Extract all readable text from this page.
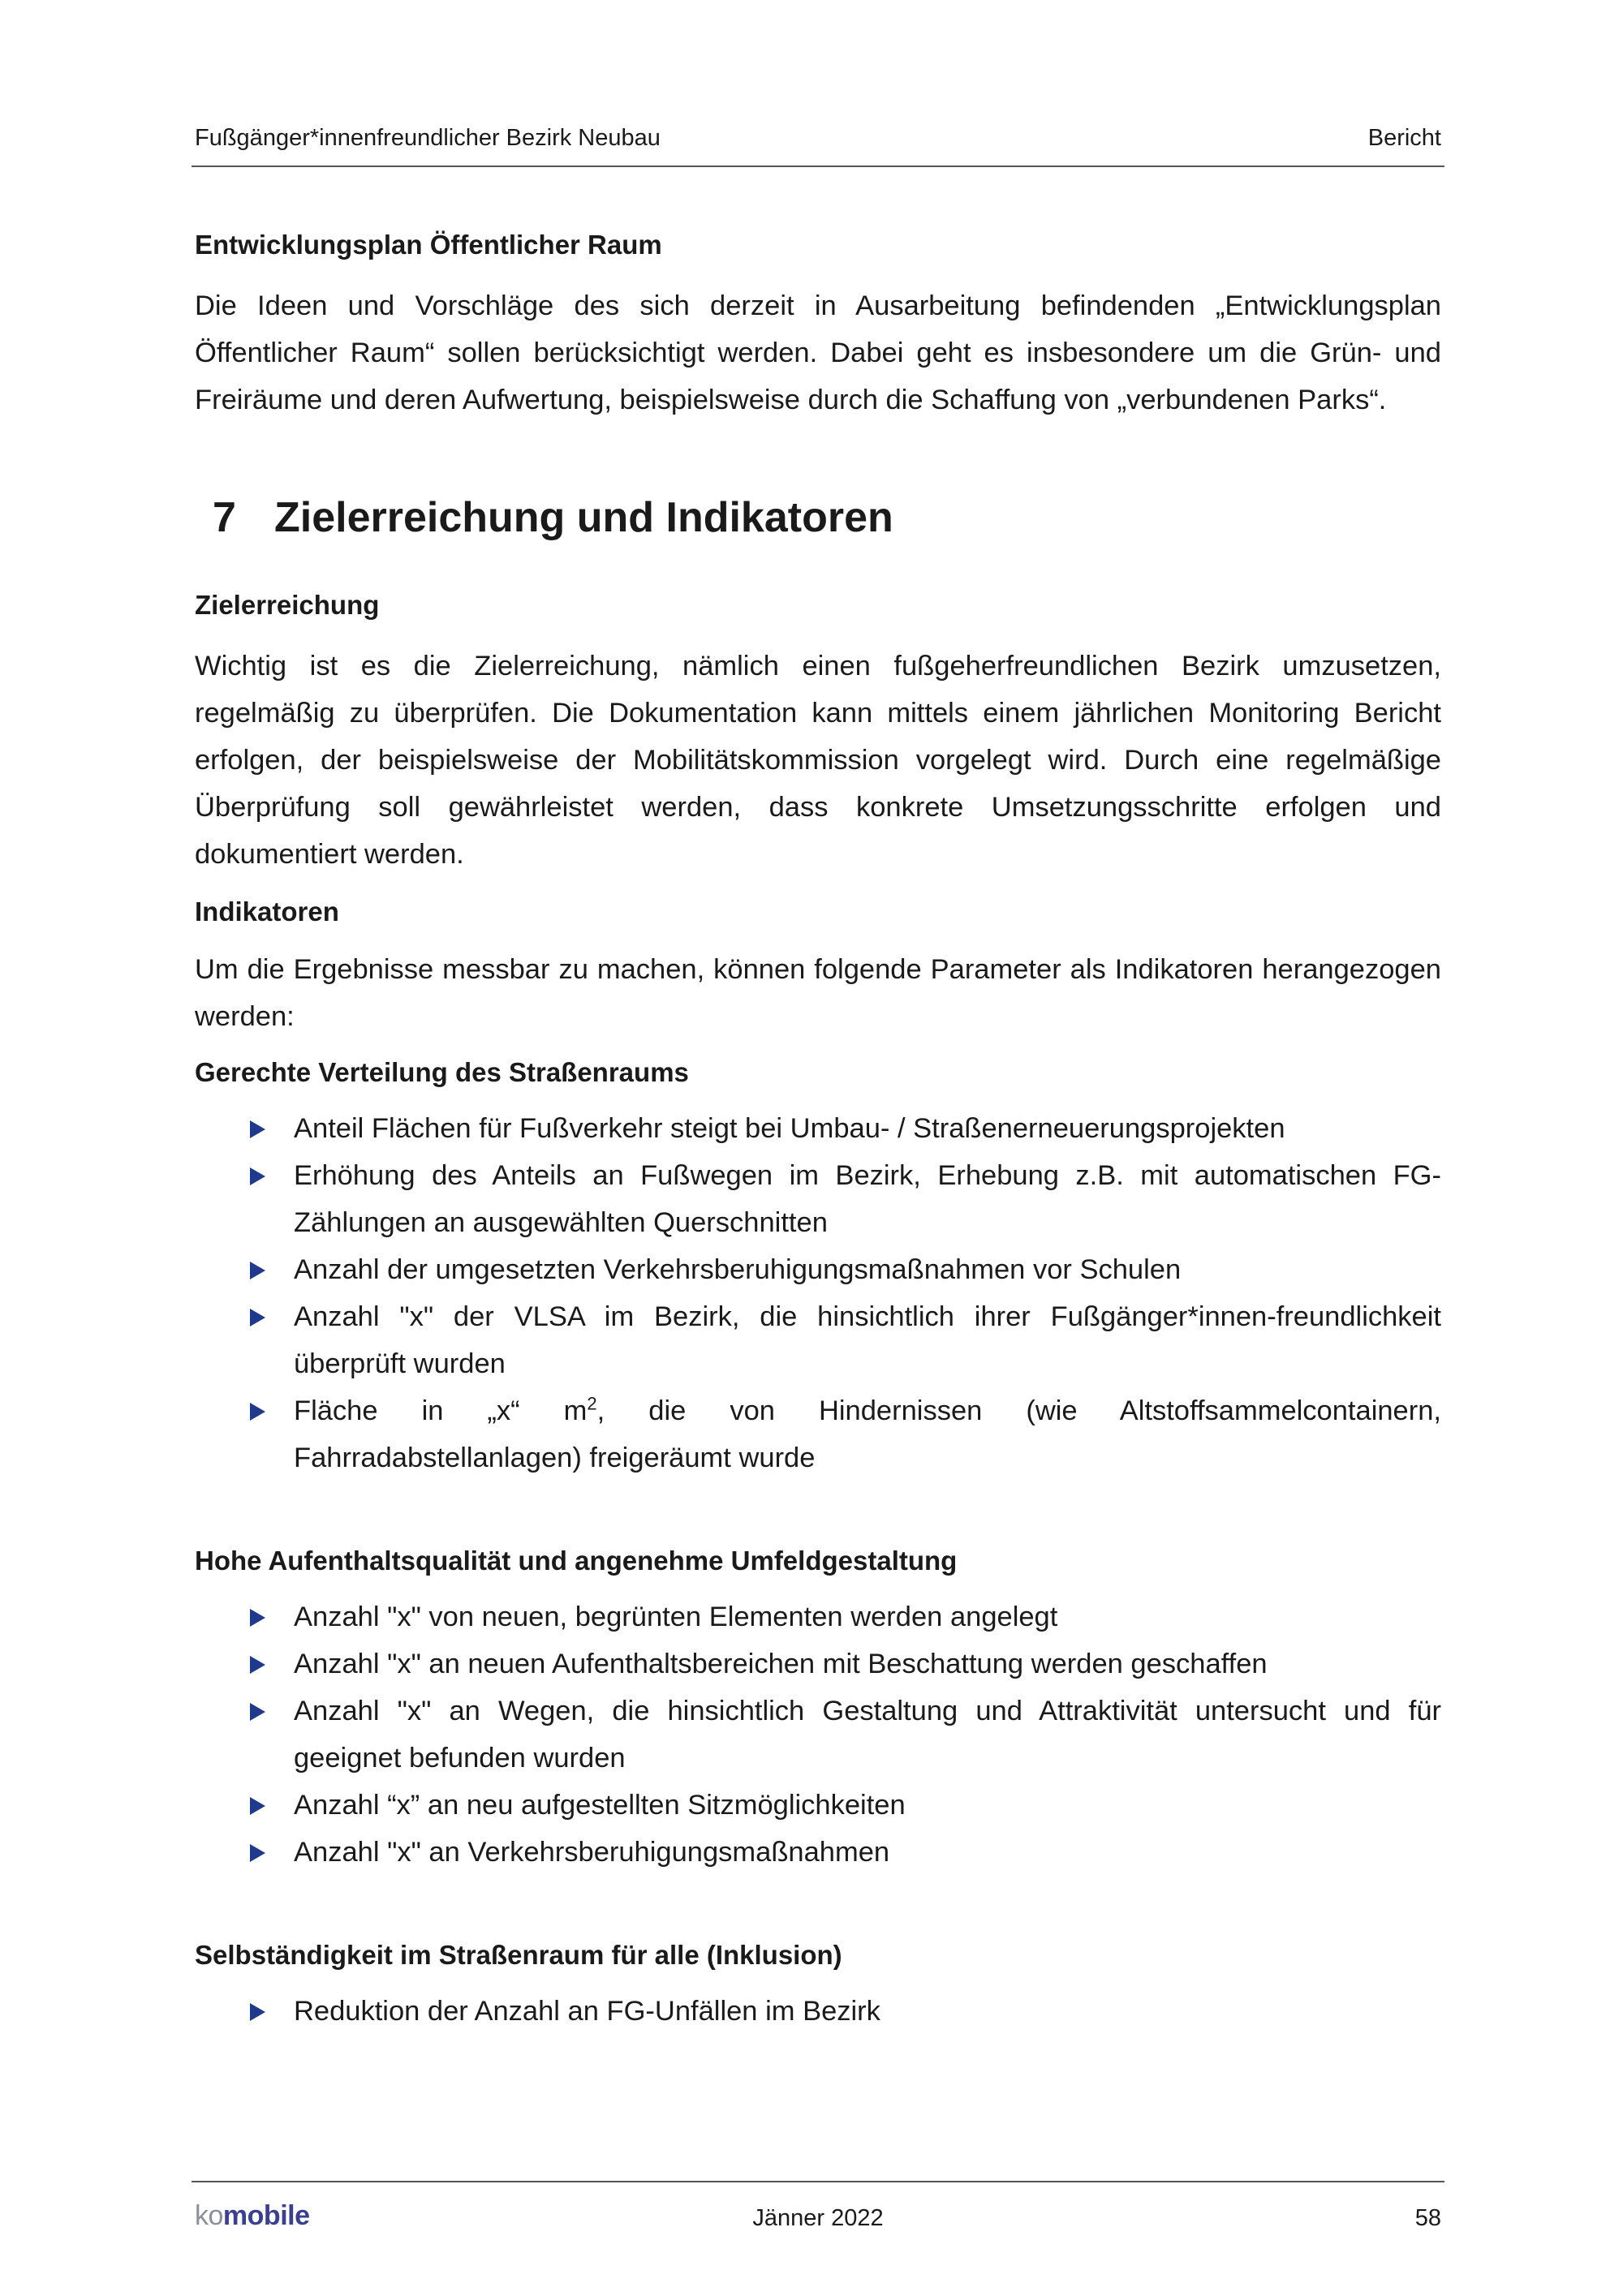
Fußgänger*innenfreundlicher Bezirk Neubau	Bericht

Entwicklungsplan Öffentlicher Raum

Die Ideen und Vorschläge des sich derzeit in Ausarbeitung befindenden „Entwicklungsplan Öffentlicher Raum“ sollen berücksichtigt werden. Dabei geht es insbesondere um die Grün- und Freiräume und deren Aufwertung, beispielsweise durch die Schaffung von „verbundenen Parks“.

7 Zielerreichung und Indikatoren

Zielerreichung

Wichtig ist es die Zielerreichung, nämlich einen fußgeherfreundlichen Bezirk umzusetzen, regelmäßig zu überprüfen. Die Dokumentation kann mittels einem jährlichen Monitoring Bericht erfolgen, der beispielsweise der Mobilitätskommission vorgelegt wird. Durch eine regelmäßige Überprüfung soll gewährleistet werden, dass konkrete Umsetzungsschritte erfolgen und dokumentiert werden.

Indikatoren

Um die Ergebnisse messbar zu machen, können folgende Parameter als Indikatoren herangezogen werden:

Gerechte Verteilung des Straßenraums

Anteil Flächen für Fußverkehr steigt bei Umbau- / Straßenerneuerungsprojekten
Erhöhung des Anteils an Fußwegen im Bezirk, Erhebung z.B. mit automatischen FG-Zählungen an ausgewählten Querschnitten
Anzahl der umgesetzten Verkehrsberuhigungsmaßnahmen vor Schulen
Anzahl "x" der VLSA im Bezirk, die hinsichtlich ihrer Fußgänger*innen-freundlichkeit überprüft wurden
Fläche in „x“ $m^2$, die von Hindernissen (wie Altstoffsammelcontainern, Fahrradabstellanlagen) freigeräumt wurde

Hohe Aufenthaltsqualität und angenehme Umfeldgestaltung

Anzahl "x" von neuen, begrünten Elementen werden angelegt
Anzahl "x" an neuen Aufenthaltsbereichen mit Beschattung werden geschaffen
Anzahl "x" an Wegen, die hinsichtlich Gestaltung und Attraktivität untersucht und für geeignet befunden wurden
Anzahl “x” an neu aufgestellten Sitzmöglichkeiten
Anzahl "x" an Verkehrsberuhigungsmaßnahmen

Selbständigkeit im Straßenraum für alle (Inklusion)

Reduktion der Anzahl an FG-Unfällen im Bezirk
komobile	Jänner 2022	58
